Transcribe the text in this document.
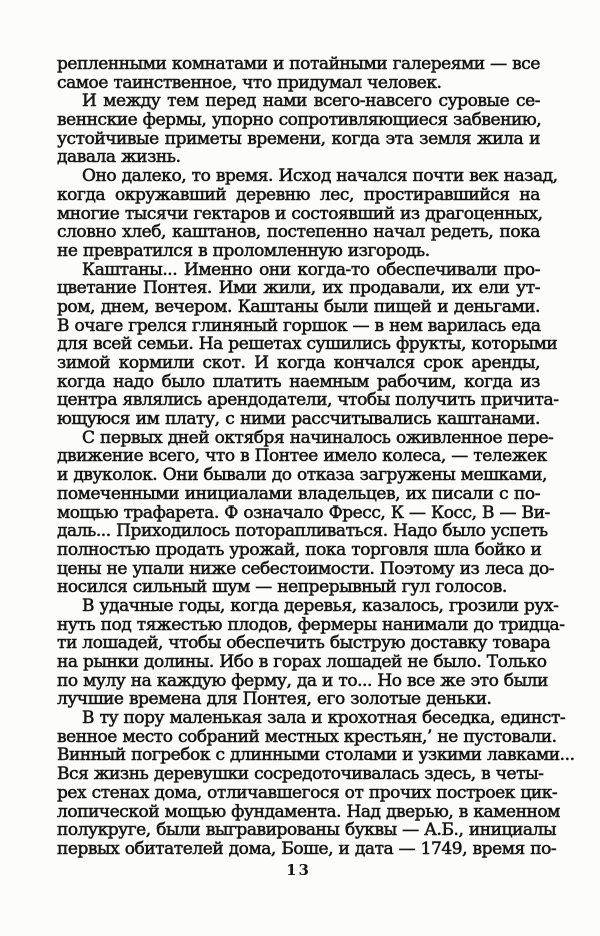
репленными комнатами и потайными галереями — все
самое таинственное, что придумал человек.
И между тем перед нами всего-навсего суровые се-
веннские фермы, упорно сопротивляющиеся забвению,
устойчивые приметы времени, когда эта земля жила и
давала жизнь.
Оно далеко, то время. Исход начался почти век назад,
когда окружавший деревню лес, простиравшийся на
многие тысячи гектаров и состоявший из драгоценных,
словно хлеб, каштанов, постепенно начал редеть, пока
не превратился в проломленную изгородь.
Каштаны... Именно они когда-то обеспечивали про-
цветание Понтея. Ими жили, их продавали, их ели ут-
ром, днем, вечером. Каштаны были пищей и деньгами.
В очаге грелся глиняный горшок — в нем варилась еда
для всей семьи. На решетах сушились фрукты, которыми
зимой кормили скот. И когда кончался срок аренды,
когда надо было платить наемным рабочим, когда из
центра являлись арендодатели, чтобы получить причита-
ющуюся им плату, с ними рассчитывались каштанами.
С первых дней октября начиналось оживленное пере-
движение всего, что в Понтее имело колеса, — тележек
и двуколок. Они бывали до отказа загружены мешками,
помеченными инициалами владельцев, их писали с по-
мощью трафарета. Ф означало Фресс, К — Косс, В — Ви-
даль... Приходилось поторапливаться. Надо было успеть
полностью продать урожай, пока торговля шла бойко и
цены не упали ниже себестоимости. Поэтому из леса до-
носился сильный шум — непрерывный гул голосов.
В удачные годы, когда деревья, казалось, грозили рух-
нуть под тяжестью плодов, фермеры нанимали до тридца-
ти лошадей, чтобы обеспечить быструю доставку товара
на рынки долины. Ибо в горах лошадей не было. Только
по мулу на каждую ферму, да и то... Но все же это были
лучшие времена для Понтея, его золотые деньки.
В ту пору маленькая зала и крохотная беседка, единст-
венное место собраний местных крестьян,’ не пустовали.
Винный погребок с длинными столами и узкими лавками...
Вся жизнь деревушки сосредоточивалась здесь, в четы-
рех стенах дома, отличавшегося от прочих построек цик-
лопической мощью фундамента. Над дверью, в каменном
полукруге, были выгравированы буквы — А.Б., инициалы
первых обитателей дома, Боше, и дата — 1749, время по-
13
